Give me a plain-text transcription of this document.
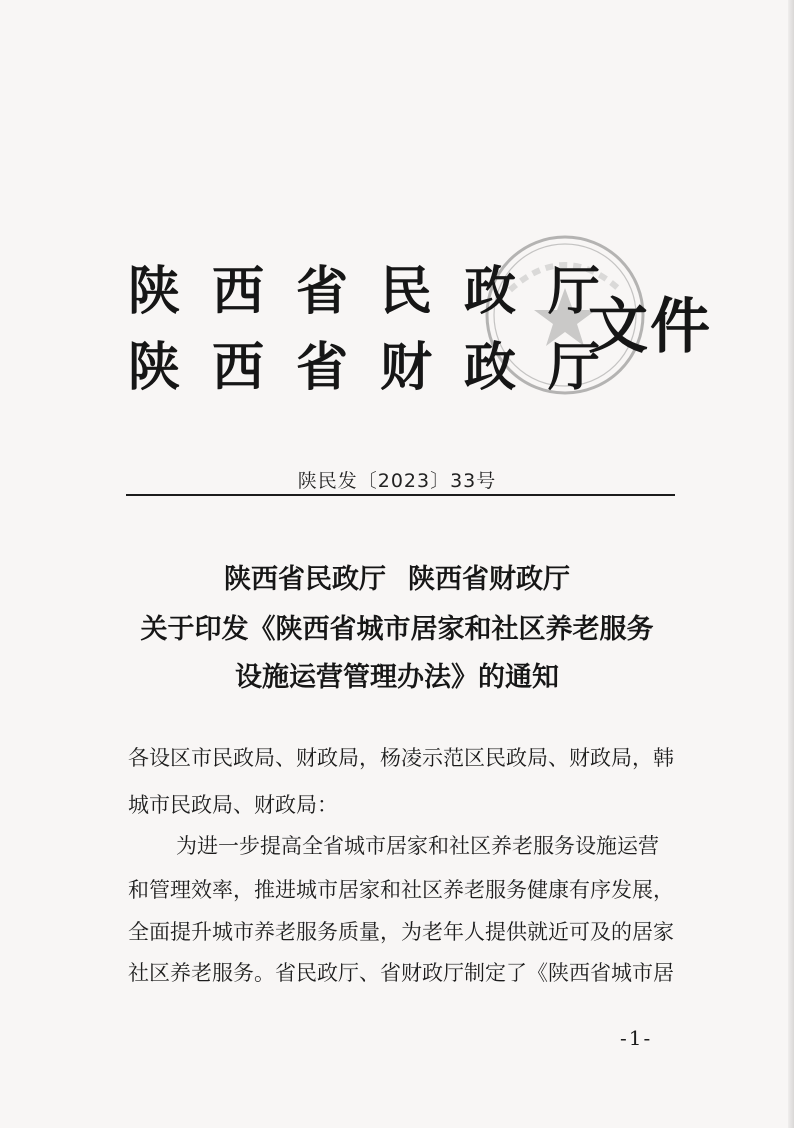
陕西省民政厅
陕西省财政厅
文件
陕民发〔2023〕33号
陕西省民政厅 陕西省财政厅
关于印发《陕西省城市居家和社区养老服务
设施运营管理办法》的通知
各设区市民政局、财政局，杨凌示范区民政局、财政局，韩
城市民政局、财政局：
为进一步提高全省城市居家和社区养老服务设施运营
和管理效率，推进城市居家和社区养老服务健康有序发展，
全面提升城市养老服务质量，为老年人提供就近可及的居家
社区养老服务。省民政厅、省财政厅制定了《陕西省城市居
-1-
